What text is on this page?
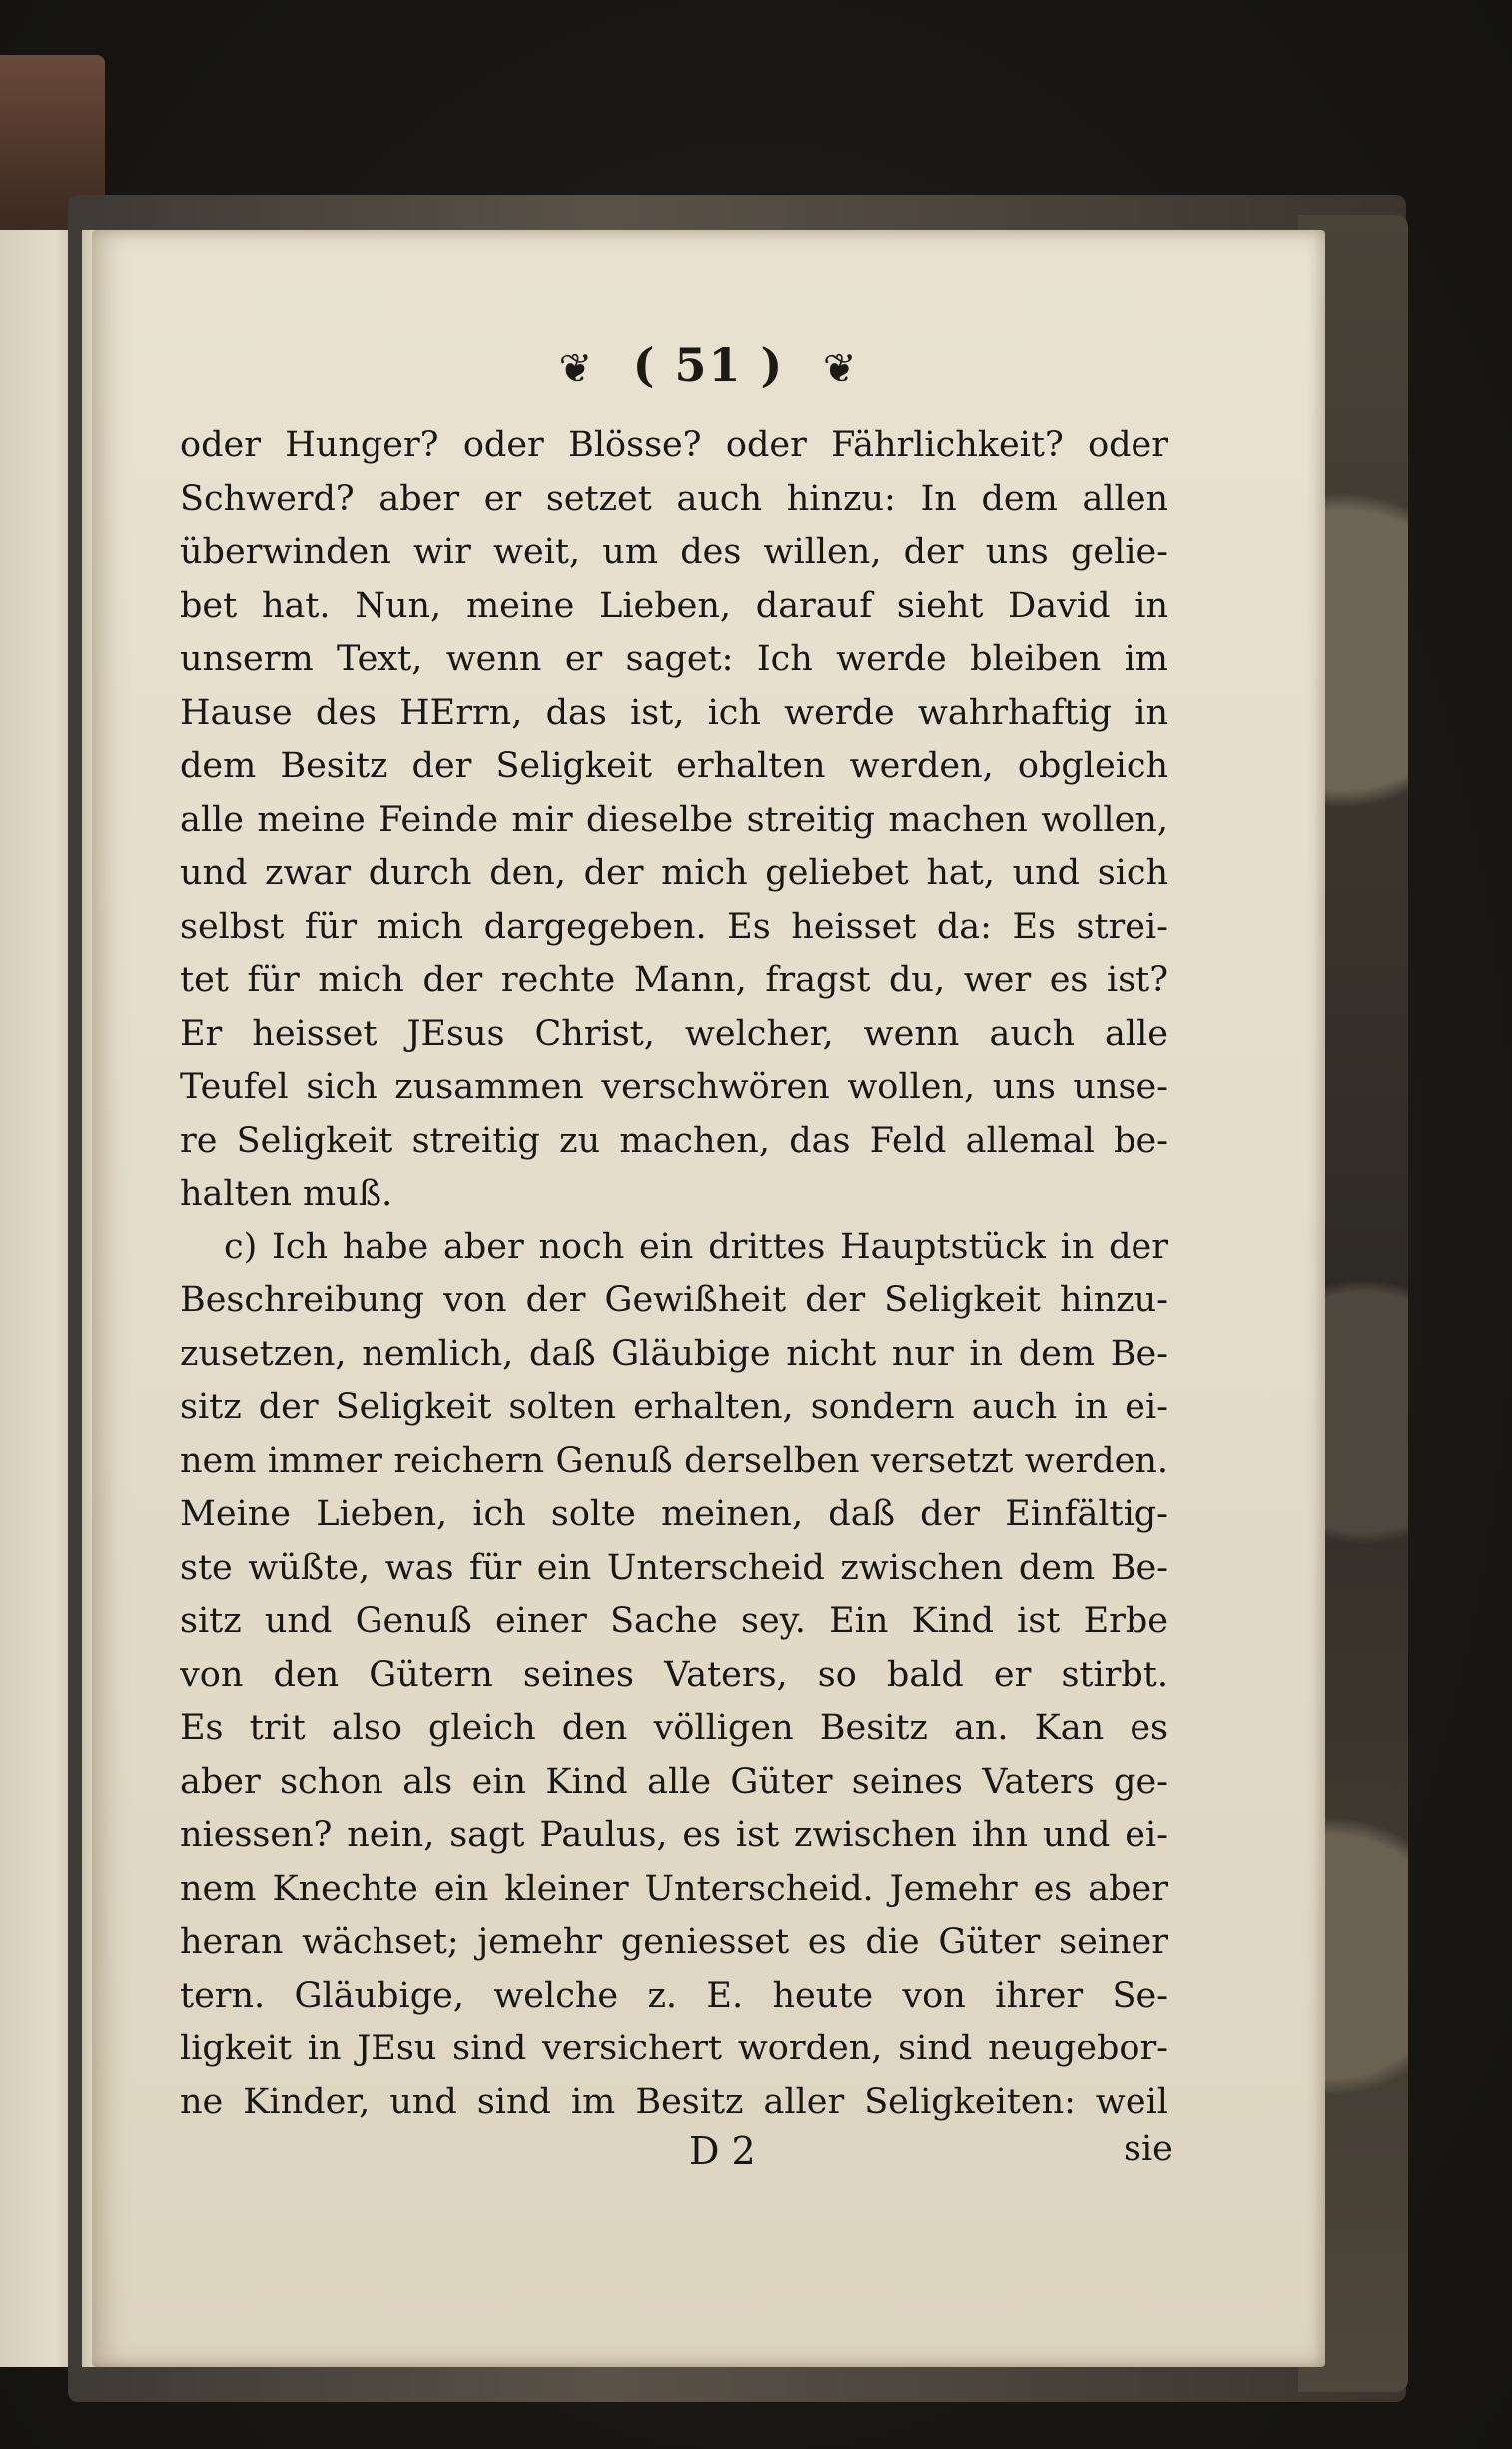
❦ ( 51 ) ❦
oder Hunger? oder Blösse? oder Fährlichkeit? oder
Schwerd? aber er setzet auch hinzu: In dem allen
überwinden wir weit, um des willen, der uns gelie-
bet hat. Nun, meine Lieben, darauf sieht David in
unserm Text, wenn er saget: Ich werde bleiben im
Hause des HErrn, das ist, ich werde wahrhaftig in
dem Besitz der Seligkeit erhalten werden, obgleich
alle meine Feinde mir dieselbe streitig machen wollen,
und zwar durch den, der mich geliebet hat, und sich
selbst für mich dargegeben. Es heisset da: Es strei-
tet für mich der rechte Mann, fragst du, wer es ist?
Er heisset JEsus Christ, welcher, wenn auch alle
Teufel sich zusammen verschwören wollen, uns unse-
re Seligkeit streitig zu machen, das Feld allemal be-
halten muß.
c) Ich habe aber noch ein drittes Hauptstück in der
Beschreibung von der Gewißheit der Seligkeit hinzu-
zusetzen, nemlich, daß Gläubige nicht nur in dem Be-
sitz der Seligkeit solten erhalten, sondern auch in ei-
nem immer reichern Genuß derselben versetzt werden.
Meine Lieben, ich solte meinen, daß der Einfältig-
ste wüßte, was für ein Unterscheid zwischen dem Be-
sitz und Genuß einer Sache sey. Ein Kind ist Erbe
von den Gütern seines Vaters, so bald er stirbt.
Es trit also gleich den völligen Besitz an. Kan es
aber schon als ein Kind alle Güter seines Vaters ge-
niessen? nein, sagt Paulus, es ist zwischen ihn und ei-
nem Knechte ein kleiner Unterscheid. Jemehr es aber
heran wächset; jemehr geniesset es die Güter seiner
tern. Gläubige, welche z. E. heute von ihrer Se-
ligkeit in JEsu sind versichert worden, sind neugebor-
ne Kinder, und sind im Besitz aller Seligkeiten: weil
D 2	sie
